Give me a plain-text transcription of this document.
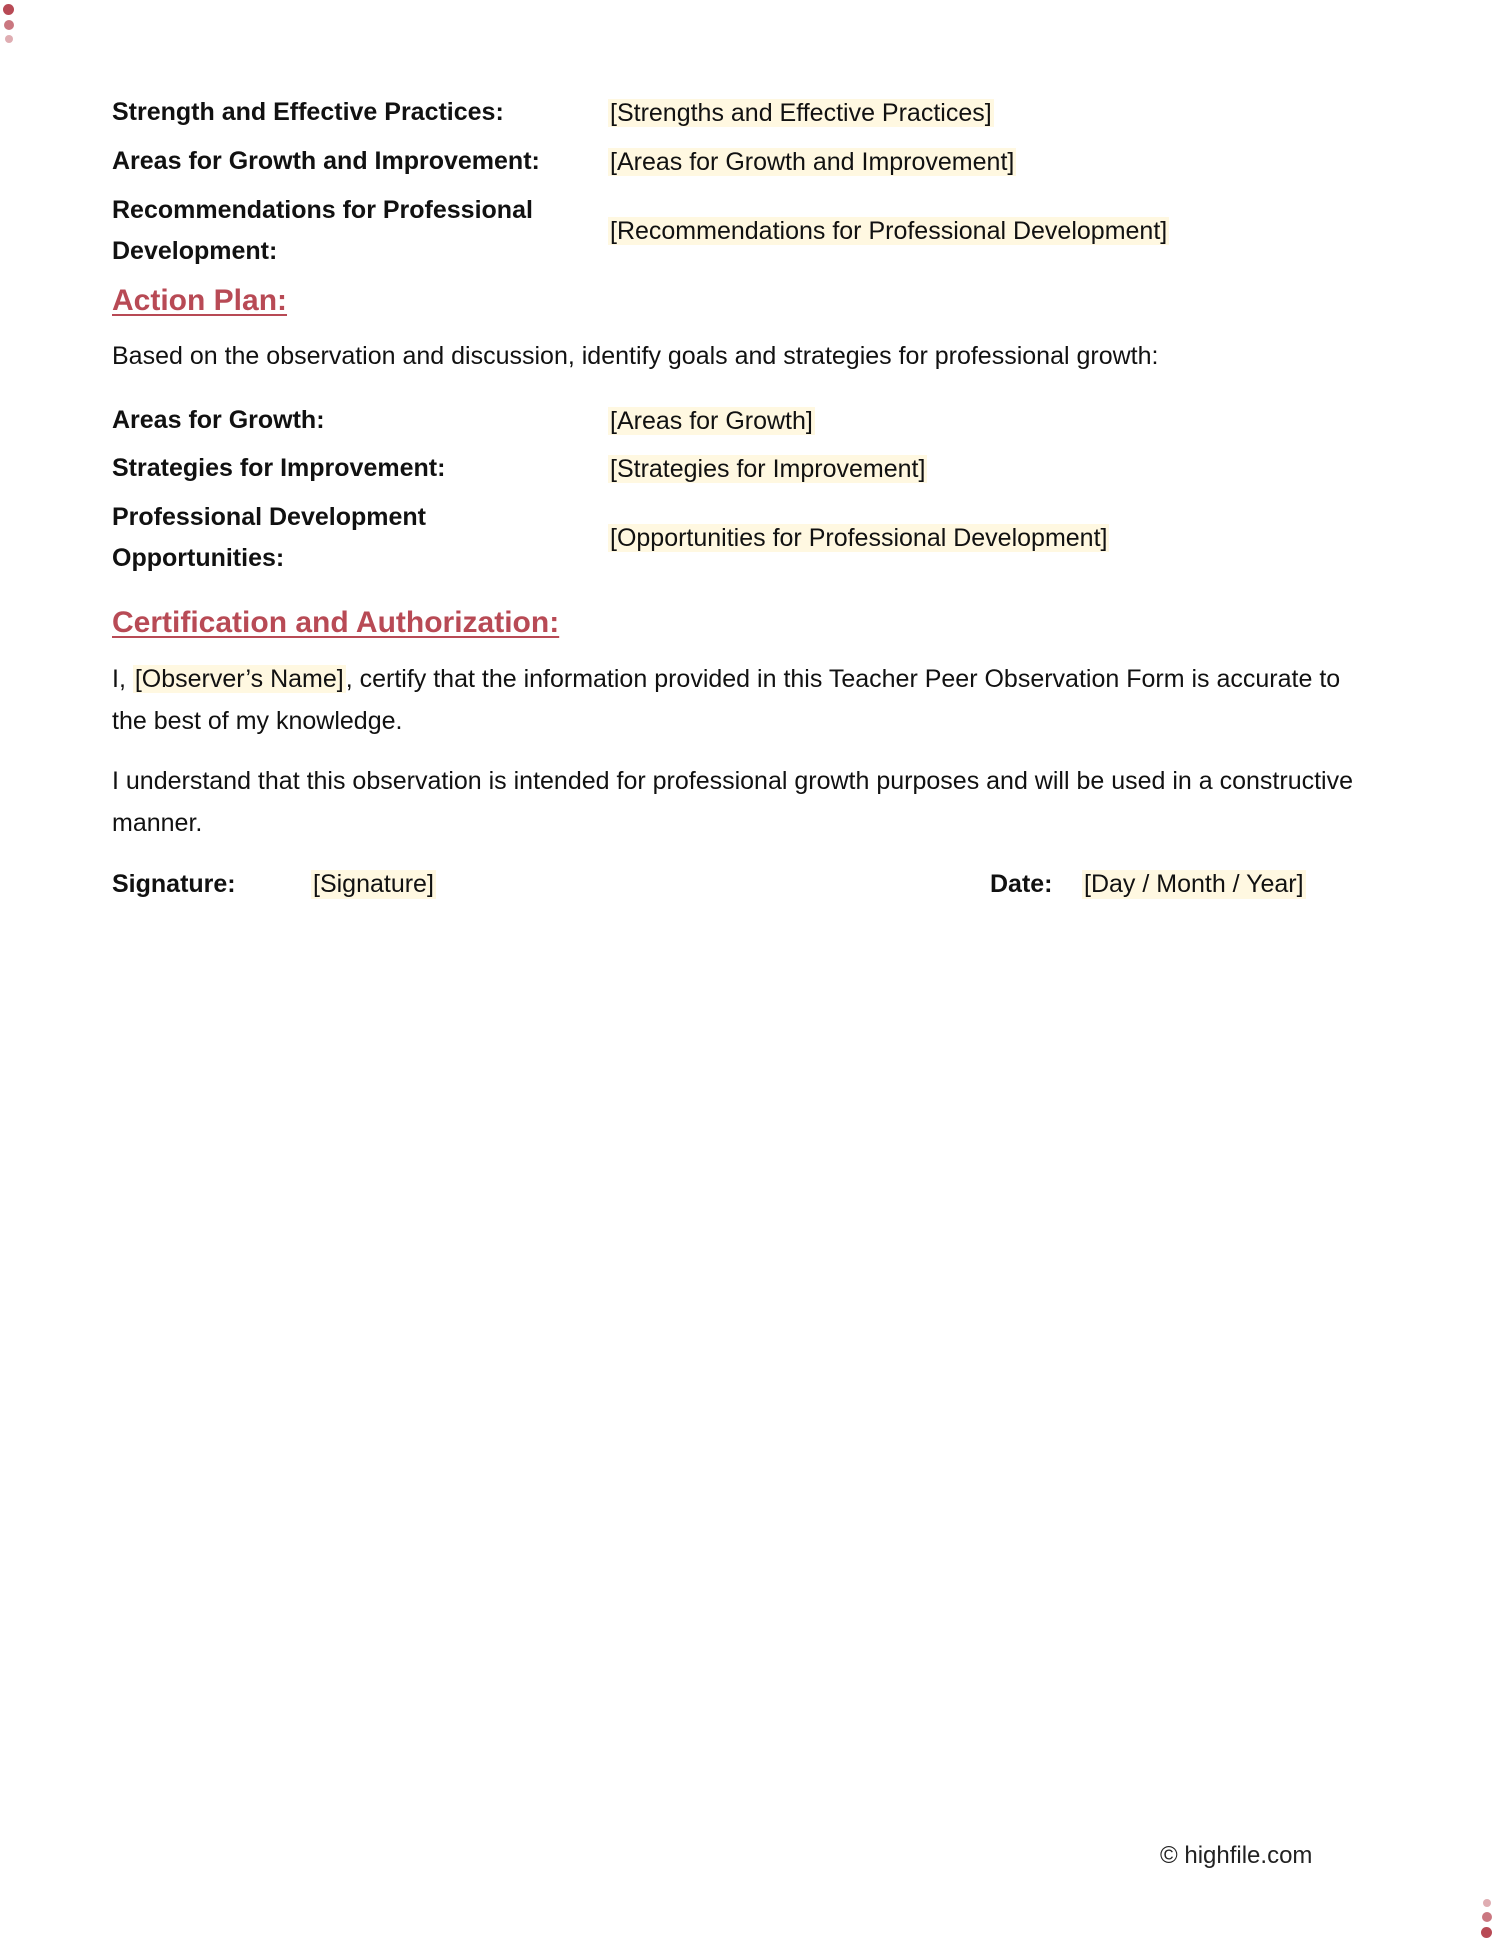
Strength and Effective Practices:	[Strengths and Effective Practices]
Areas for Growth and Improvement:	[Areas for Growth and Improvement]
Recommendations for Professional Development:
[Recommendations for Professional Development]
Action Plan:
Based on the observation and discussion, identify goals and strategies for professional growth:
Areas for Growth:	[Areas for Growth]
Strategies for Improvement:	[Strategies for Improvement]
Professional Development Opportunities:
[Opportunities for Professional Development]
Certification and Authorization:
I, [Observer’s Name], certify that the information provided in this Teacher Peer Observation Form is accurate to the best of my knowledge.
I understand that this observation is intended for professional growth purposes and will be used in a constructive manner.
Signature:	[Signature]	Date: [Day / Month / Year]
© highfile.com
